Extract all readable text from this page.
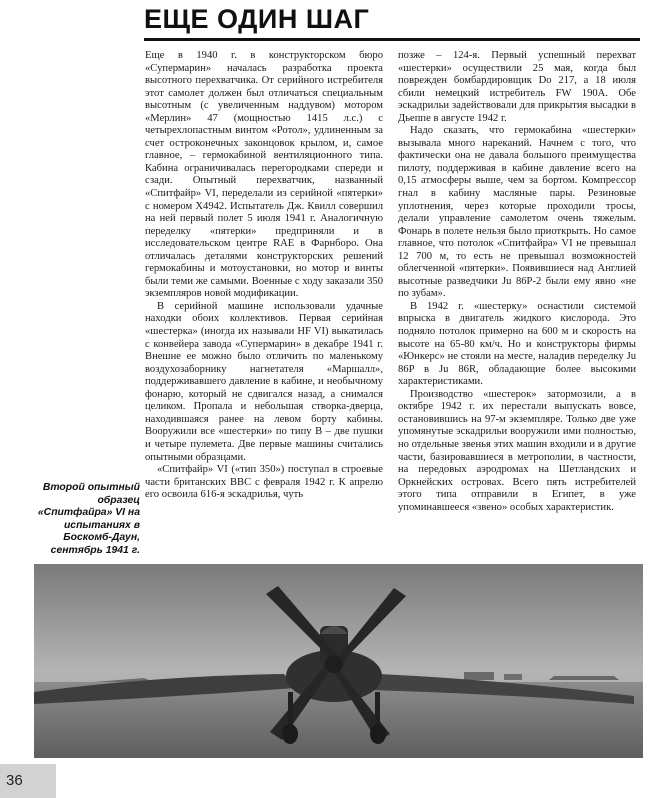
ЕЩЕ ОДИН ШАГ

Еще в 1940 г. в конструкторском бюро «Супермарин» началась разработка проекта высотного перехватчика. От серийного истребителя этот самолет должен был отличаться специальным высотным (с увеличенным наддувом) мотором «Мерлин» 47 (мощностью 1415 л.с.) с четырехлопастным винтом «Ротол», удлиненным за счет остроконечных законцовок крылом, и, самое главное, – гермокабиной вентиляционного типа. Кабина ограничивалась перегородками спереди и сзади. Опытный перехватчик, названный «Спитфайр» VI, переделали из серийной «пятерки» с номером X4942. Испытатель Дж. Квилл совершил на ней первый полет 5 июля 1941 г. Аналогичную переделку «пятерки» предприняли и в исследовательском центре RAE в Фарнборо. Она отличалась деталями конструкторских решений гермокабины и мотоустановки, но мотор и винты были теми же самыми. Военные с ходу заказали 350 экземпляров новой модификации.

В серийной машине использовали удачные находки обоих коллективов. Первая серийная «шестерка» (иногда их называли HF VI) выкатилась с конвейера завода «Супермарин» в декабре 1941 г. Внешне ее можно было отличить по маленькому воздухозаборнику нагнетателя «Маршалл», поддерживавшего давление в кабине, и необычному фонарю, который не сдвигался назад, а снимался целиком. Пропала и небольшая створка-дверца, находившаяся ранее на левом борту кабины. Вооружили все «шестерки» по типу B – две пушки и четыре пулемета. Две первые машины считались опытными образцами.

«Спитфайр» VI («тип 350») поступал в строевые части британских ВВС с февраля 1942 г. К апрелю его освоила 616-я эскадрилья, чуть

позже – 124-я. Первый успешный перехват «шестерки» осуществили 25 мая, когда был поврежден бомбардировщик Do 217, а 18 июля сбили немецкий истребитель FW 190A. Обе эскадрильи задействовали для прикрытия высадки в Дьеппе в августе 1942 г.

Надо сказать, что гермокабина «шестерки» вызывала много нареканий. Начнем с того, что фактически она не давала большого преимущества пилоту, поддерживая в кабине давление всего на 0,15 атмосферы выше, чем за бортом. Компрессор гнал в кабину масляные пары. Резиновые уплотнения, через которые проходили тросы, делали управление самолетом очень тяжелым. Фонарь в полете нельзя было приоткрыть. Но самое главное, что потолок «Спитфайра» VI не превышал 12 700 м, то есть не превышал возможностей облегченной «пятерки». Появившиеся над Англией высотные разведчики Ju 86P-2 были ему явно «не по зубам».

В 1942 г. «шестерку» оснастили системой впрыска в двигатель жидкого кислорода. Это подняло потолок примерно на 600 м и скорость на высоте на 65-80 км/ч. Но и конструкторы фирмы «Юнкерс» не стояли на месте, наладив переделку Ju 86P в Ju 86R, обладающие более высокими характеристиками.

Производство «шестерок» затормозили, а в октябре 1942 г. их перестали выпускать вовсе, остановившись на 97-м экземпляре. Только две уже упомянутые эскадрильи вооружили ими полностью, но отдельные звенья этих машин входили и в другие части, базировавшиеся в метрополии, в частности, на передовых аэродромах на Шетландских и Оркнейских островах. Всего пять истребителей этого типа отправили в Египет, в уже упоминавшееся «звено» особых характеристик.

Второй опытный образец «Спитфайра» VI на испытаниях в Боскомб-Даун, сентябрь 1941 г.
36
